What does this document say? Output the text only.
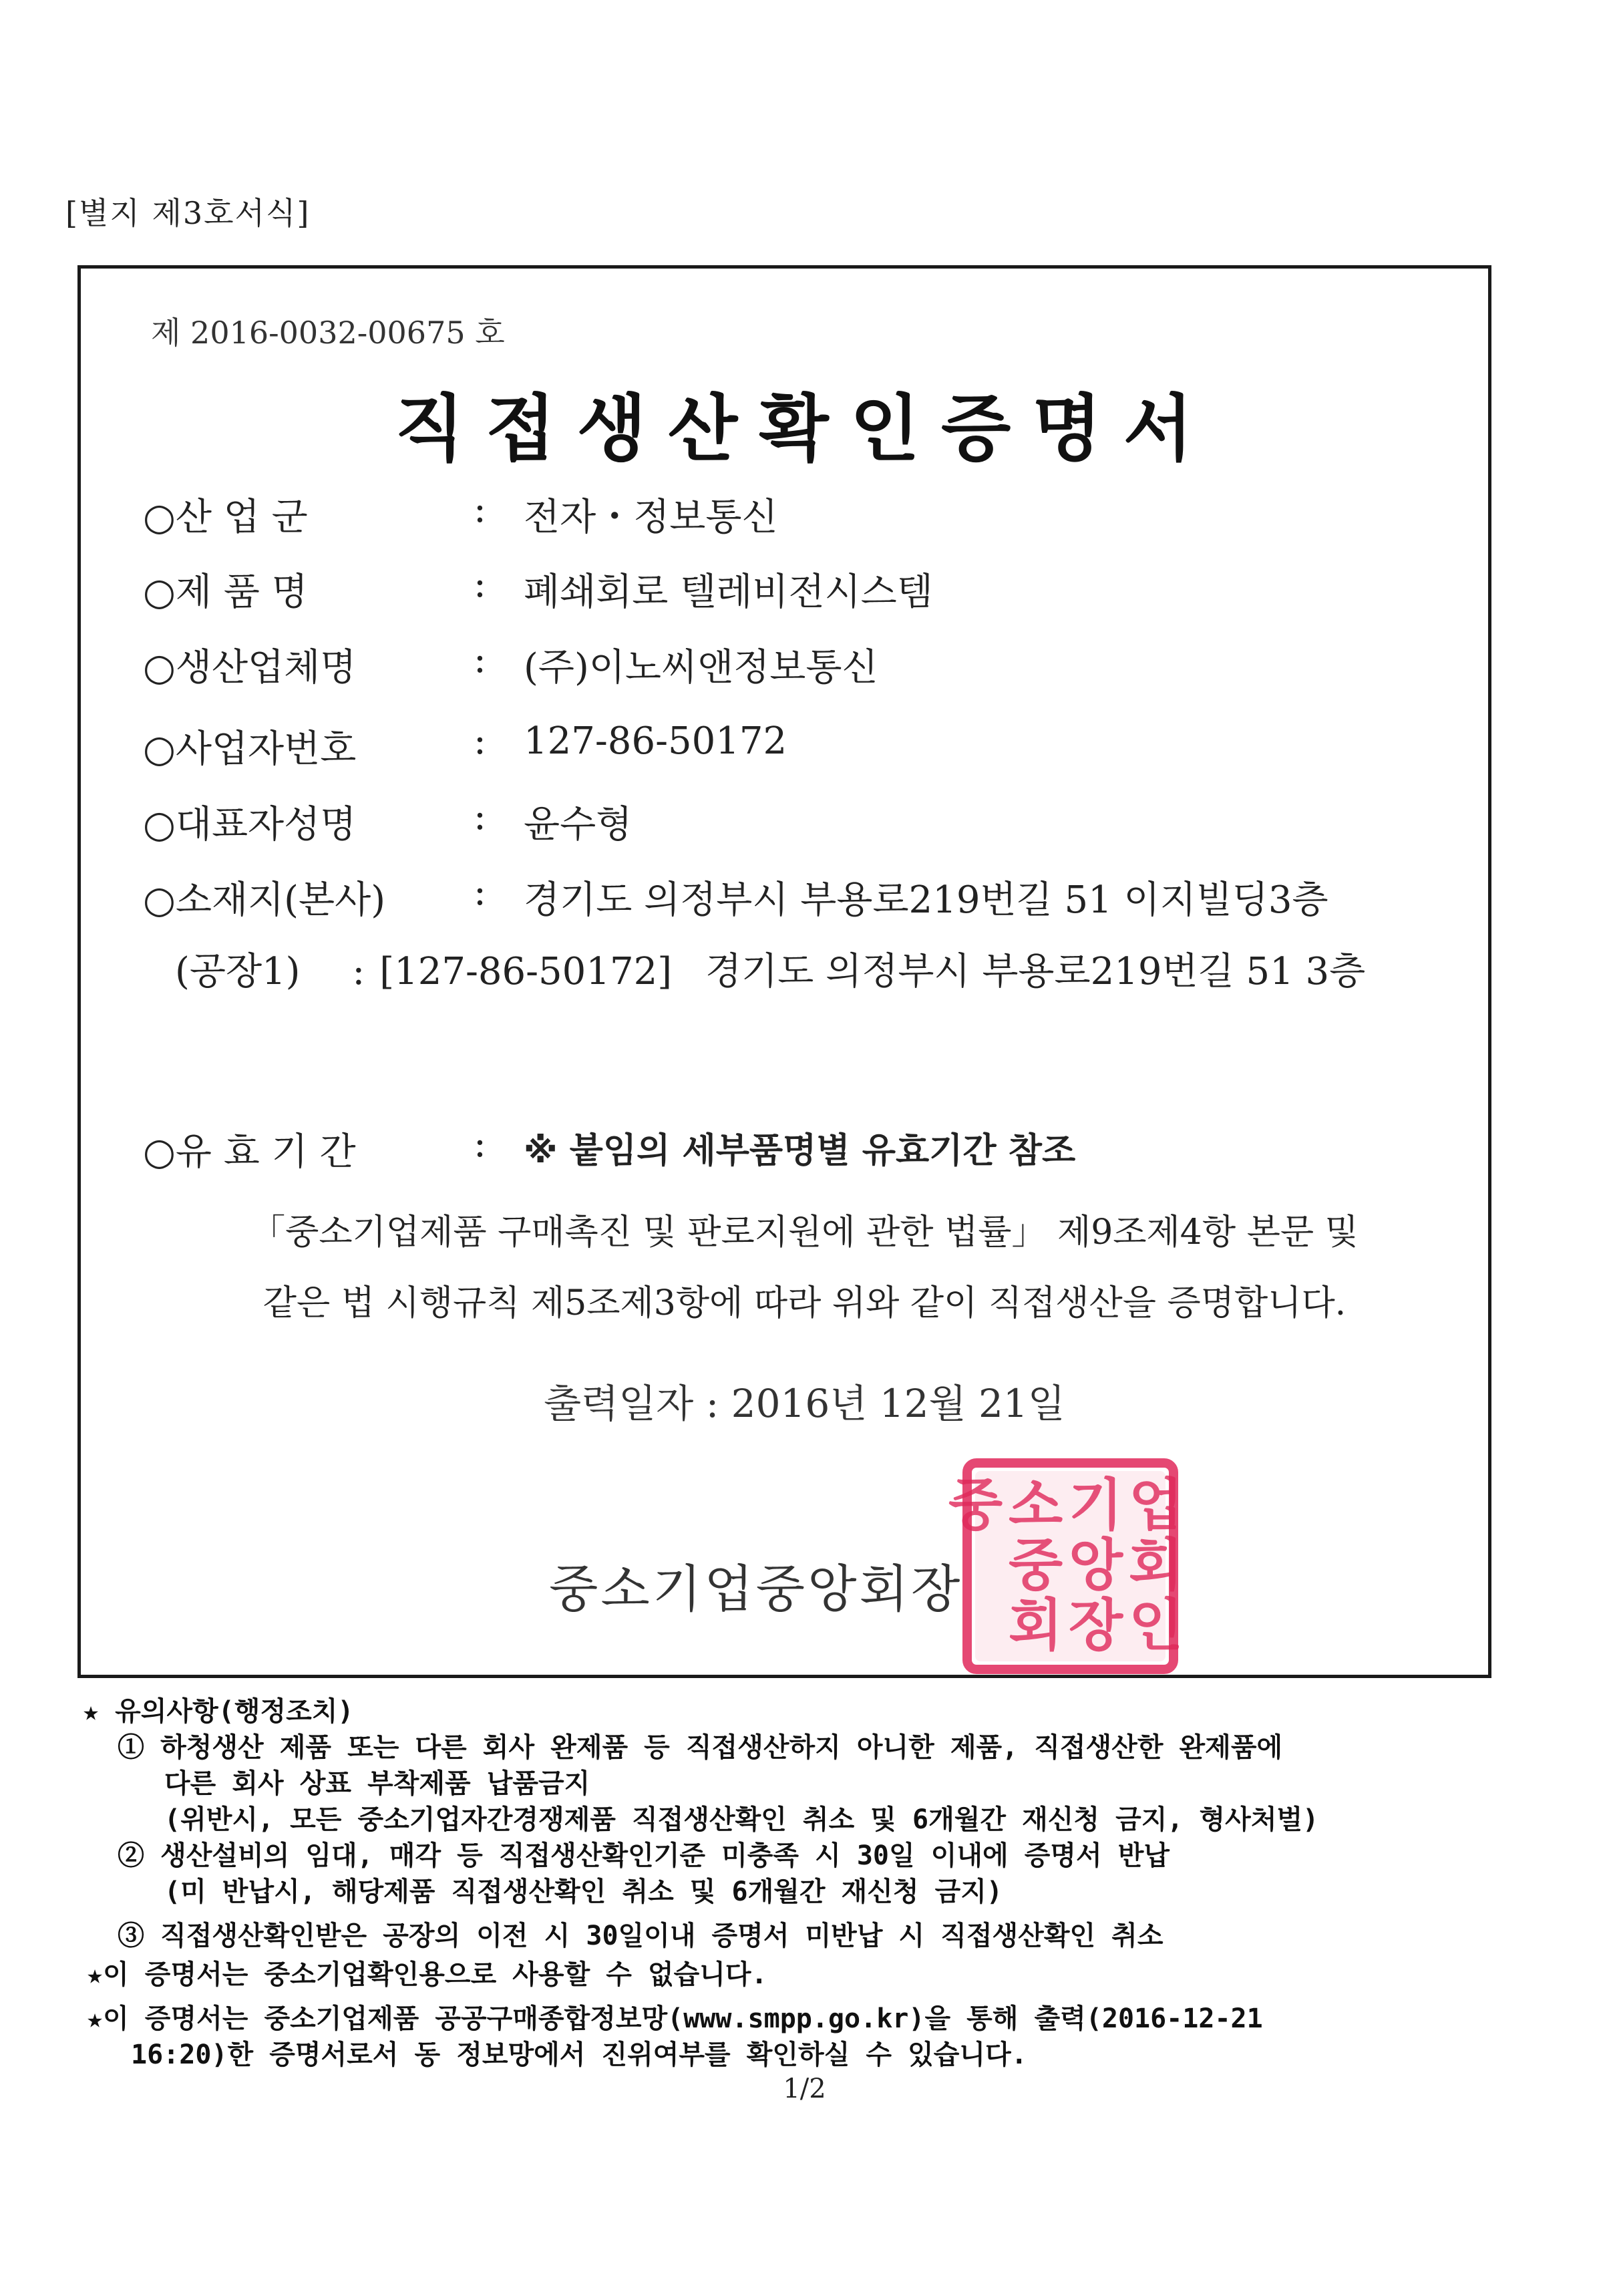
[별지 제3호서식]
제 2016-0032-00675 호
직접생산확인증명서
○산 업 군	: 전자・정보통신
○제 품 명	: 폐쇄회로 텔레비전시스템
○생산업체명	: (주)이노씨앤정보통신
○사업자번호	: 127-86-50172
○대표자성명	: 윤수형
○소재지(본사) : 경기도 의정부시 부용로219번길 51 이지빌딩3층
(공장1) : [127-86-50172] 경기도 의정부시 부용로219번길 51 3층
○유 효 기 간	: ※ 붙임의 세부품명별 유효기간 참조
「중소기업제품 구매촉진 및 판로지원에 관한 법률」 제9조제4항 본문 및
같은 법 시행규칙 제5조제3항에 따라 위와 같이 직접생산을 증명합니다.
출력일자 : 2016년 12월 21일
중소기업중앙회장
업
회
인
기
앙
장
소
중
회
중
★ 유의사항(행정조치)
① 하청생산 제품 또는 다른 회사 완제품 등 직접생산하지 아니한 제품, 직접생산한 완제품에
다른 회사 상표 부착제품 납품금지
(위반시, 모든 중소기업자간경쟁제품 직접생산확인 취소 및 6개월간 재신청 금지, 형사처벌)
② 생산설비의 임대, 매각 등 직접생산확인기준 미충족 시 30일 이내에 증명서 반납
(미 반납시, 해당제품 직접생산확인 취소 및 6개월간 재신청 금지)
③ 직접생산확인받은 공장의 이전 시 30일이내 증명서 미반납 시 직접생산확인 취소
★이 증명서는 중소기업확인용으로 사용할 수 없습니다.
★이 증명서는 중소기업제품 공공구매종합정보망(www.smpp.go.kr)을 통해 출력(2016-12-21
16:20)한 증명서로서 동 정보망에서 진위여부를 확인하실 수 있습니다.
1/2
